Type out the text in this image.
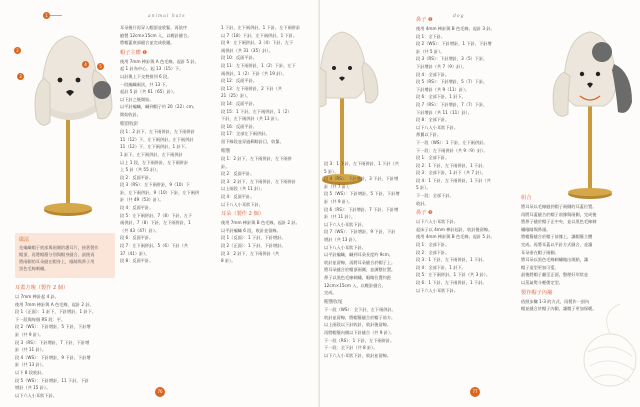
animal hats
1
2
3
4	5
做法
先編織帽子底部與兩側的護耳片，接著製作
帽頂，再將帽簷分別與帽身縫合，最後再
將兩側的耳朵縫在帽身上，眼睛與鼻子用
黑色毛線刺繡。
耳蓋方塊（製作 2 個）
以 7mm 棒針起 4 針。
使用 7mm 棒針與 A 色毛線，起針 2 針。
段 1（正面）：1 針下，下針增針，1 針下。
下一段與每個 RS 段：平。
段 2（WS）：下針增針，5 下針，下針增
針（共 9 針）。
段 3（RS）：下針增針，7 下針，下針增
針（共 11 針）。
段 4（WS）：下針增針，9 下針，下針增
針（共 13 針）。
以下 8 段收針。
段 5（WS）：下針增針，11 下針，下針
增針（共 15 針）。
以下六入小耳狀下針。
耳朵後片再穿入帽頂並收緊，再依序
縫製 12cm×15cm 入，以輕針縫合。
將帽蓋底部縫合並完成收邊。
帽子主體 ❶
使用 7mm 棒針與 A 色毛線，起針 5 針。
起 1 針為中心，起 13（15）下。
以針與上下交替排列 6 段。
一段編織兩次，共 13 下。
起針 5 針（共 61（65）針）。
以下針之後開始。
以平針編織，織到帽子約 20（22）cm。
開始收針。
帽頂收針
段 1：2 針下，左下兩併針，左下兩併針
11（12）下，左下兩併針，左下兩併針
11（12）下，左下兩併針，1 針下。
1 針下，左下兩併針，左下兩併針
以上 1 段，左下兩併針，左下兩併針
上 5 針（共 55 針）。
段 2：反面平針。
段 3（RS）：左下兩併針，9（10）下
針，左下兩併針，9（10）下針，左下兩併
針（共 49（53）針）。
段 4：反面平針。
段 5：左下兩併針，7（8）下針，左下
兩併針，7（8）下針，左下兩併針，1
（共 43（47）針）。
段 6：反面平針。
段 7：左下兩併針，5（6）下針（共
37（41）針）。
段 8：反面平針。
1 下針，左下兩併針，1 下針，左下兩併針
以 7（18）下針，左下兩併針，1 下針。
段 9：左下兩併針，3（4）下針，左下
兩併針（共 31（35）針）。
段 10：反面平針。
段 11：左下兩併針，1（2）下針，左下
兩併針，1（2）下針（共 19 針）。
段 12：反面平針。
段 13：左下兩併針，2 下針（共
21（25）針）。
段 14：反面平針。
段 15：1 下針，左下兩併針，1（2）
下針，左下兩併針（共 13 針）。
段 16：反面平針。
段 17：全部左下兩併針。
留下線段並穿過剩餘針目，收緊。
帽簷
段 1：2 針下，左下兩併針，左下兩併
針。
段 2：反面平針。
段 3：2 針下，左下兩併針，左下兩併針
以上兩段（共 11 針）。
段 4：反面平針。
以下八入小耳狀下針。
耳朵（製作 2 個）
使用 7mm 棒針與 B 色毛線，起針 2 針。
以平針編織 6 段，收針並留線。
段 1（反面）：1 下針，下針增針。
段 2（正面）：1 下針，下針增針。
段 3：2 針下，左下兩併針（共
8 針）。
76
dog
段 3：1 下針，左下兩併針，1 下針（共
5 針）。
段 4（RS）：下針增針，3 下針，下針增
針（共 7 針）。
段 5（WS）：下針增針，5 下針，下針增
針（共 9 針）。
段 6（RS）：下針增針，7 下針，下針增
針（共 11 針）。
以下六入小耳狀下針。
段 7（WS）：下針增針，9 下針，下針
增針（共 13 針）。
以下八入小耳狀下針。
以平針編織，織到耳朵長度約 9cm。
收針並留線，再將耳朵縫合於帽子上。
將耳朵縫合於帽頂兩側，並調整位置。
鼻子以黑色毛線刺繡，眼睛位置約距
12cm×15cm 入，以輕針縫合。
完成。
帽簷收尾
下一段（WS）：全下針，左下兩併針。
收針並留線，將帽簷縫合於帽子前方。
以上兩段以下針收針，收針後留線。
再將帽簷內側以下針縫合（共 9 針）。
下一段（RS）：1 下針，左下兩併針。
下一段：全下針（共 8 針）。
以下六入小耳狀下針，收針並留線。
鼻子 ❷
使用 4mm 棒針與 B 色毛線，起針 3 針。
段 1：全下針。
段 2（WS）：下針增針，1 下針，下針增
針（共 5 針）。
段 3（RS）：下針增針，3（5）下針，
下針增針（共 7（9）針）。
段 4：全部下針。
段 5（RS）：下針增針，5（7）下針，
下針增針（共 9（11）針）。
段 6：全部下針，1 針下。
段 7（RS）：下針增針，7（7）下針，
下針增針（共 11（11）針）。
段 8：全部下針。
以下八入小耳狀下針。
鼻翼以下針。
下一段（WS）：1 下針，左下兩併針。
下一段：左下兩併針（共 9（9）針）。
段 1：全部下針。
段 2：1 下針，左下兩併針，1 下針。
段 3：全部下針，1 針下（共 7 針）。
段 4：1 下針，左下兩併針，1 下針（共
5 針）。
下一段：全部下針。
收針。
鼻子 ❸
以下六入小耳狀下針。
起床子以 4mm 棒針起針，收針後留線。
使用 4mm 棒針與 B 色毛線，起針 5 針。
段 1：全部下針。
段 2：全部下針。
段 3：1 下針，左下兩併針，1 下針。
段 4：全部下針，1 針下。
段 5：左下兩併針，1 下針（共 3 針）。
段 6：1 下針，左下兩併針，1 下針。
以下六入小耳狀下針。
組合
將耳朵以毛線縫於帽子兩側的耳蓋位置。
再將耳蓋縫合於帽子前緣與兩側，完成後
將鼻子縫於帽子正中央，並以黑色毛線刺
繡眼睛與鼻頭。
將帽簷縫合於帽子前緣上，讓帽簷立體
完成。再將耳蓋以平針方式縫合，並讓
耳朵垂在帽子兩側。
將耳朵以黑色毛線刺繡做出斑點，讓
帽子造型更加可愛。
最後將帽子翻至正面，整理好形狀並
以蒸氣熨斗輕燙定型。
製作帽子內襯
依照步驟 1-3 的方式，再製作一頂內
帽並縫合於帽子內側，讓帽子更加保暖。
77
